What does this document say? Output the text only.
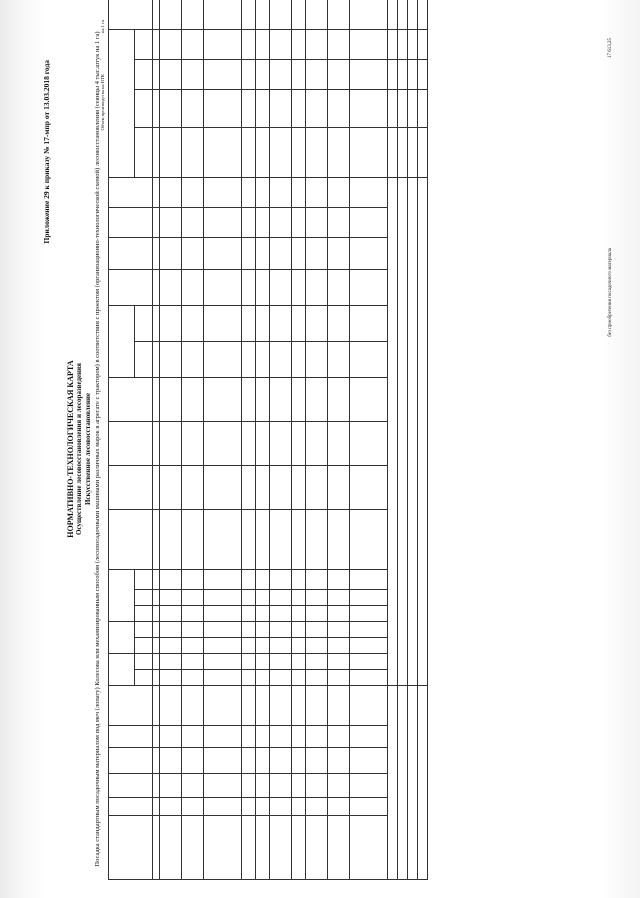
Приложение 29 к приказу № 17-мпр от 13.03.2018 года
НОРМАТИВНО-ТЕХНОЛОГИЧЕСКАЯ КАРТА Осуществление лесовосстановления и лесоразведения Искусственное лесовосстановление Посадка стандартным посадочным материалом под меч (лопату) Колесова или механизированным способом (лесопосадочными машинами различных марок в агрегате с трактором) в соответствии с проектом (организационно-технологической схемой) лесовосстановления (сеянцы 4 тыс.штук на 1 га) Объем производства на НТК на 1 га

без приобретения посадочного материала
17 613,25
